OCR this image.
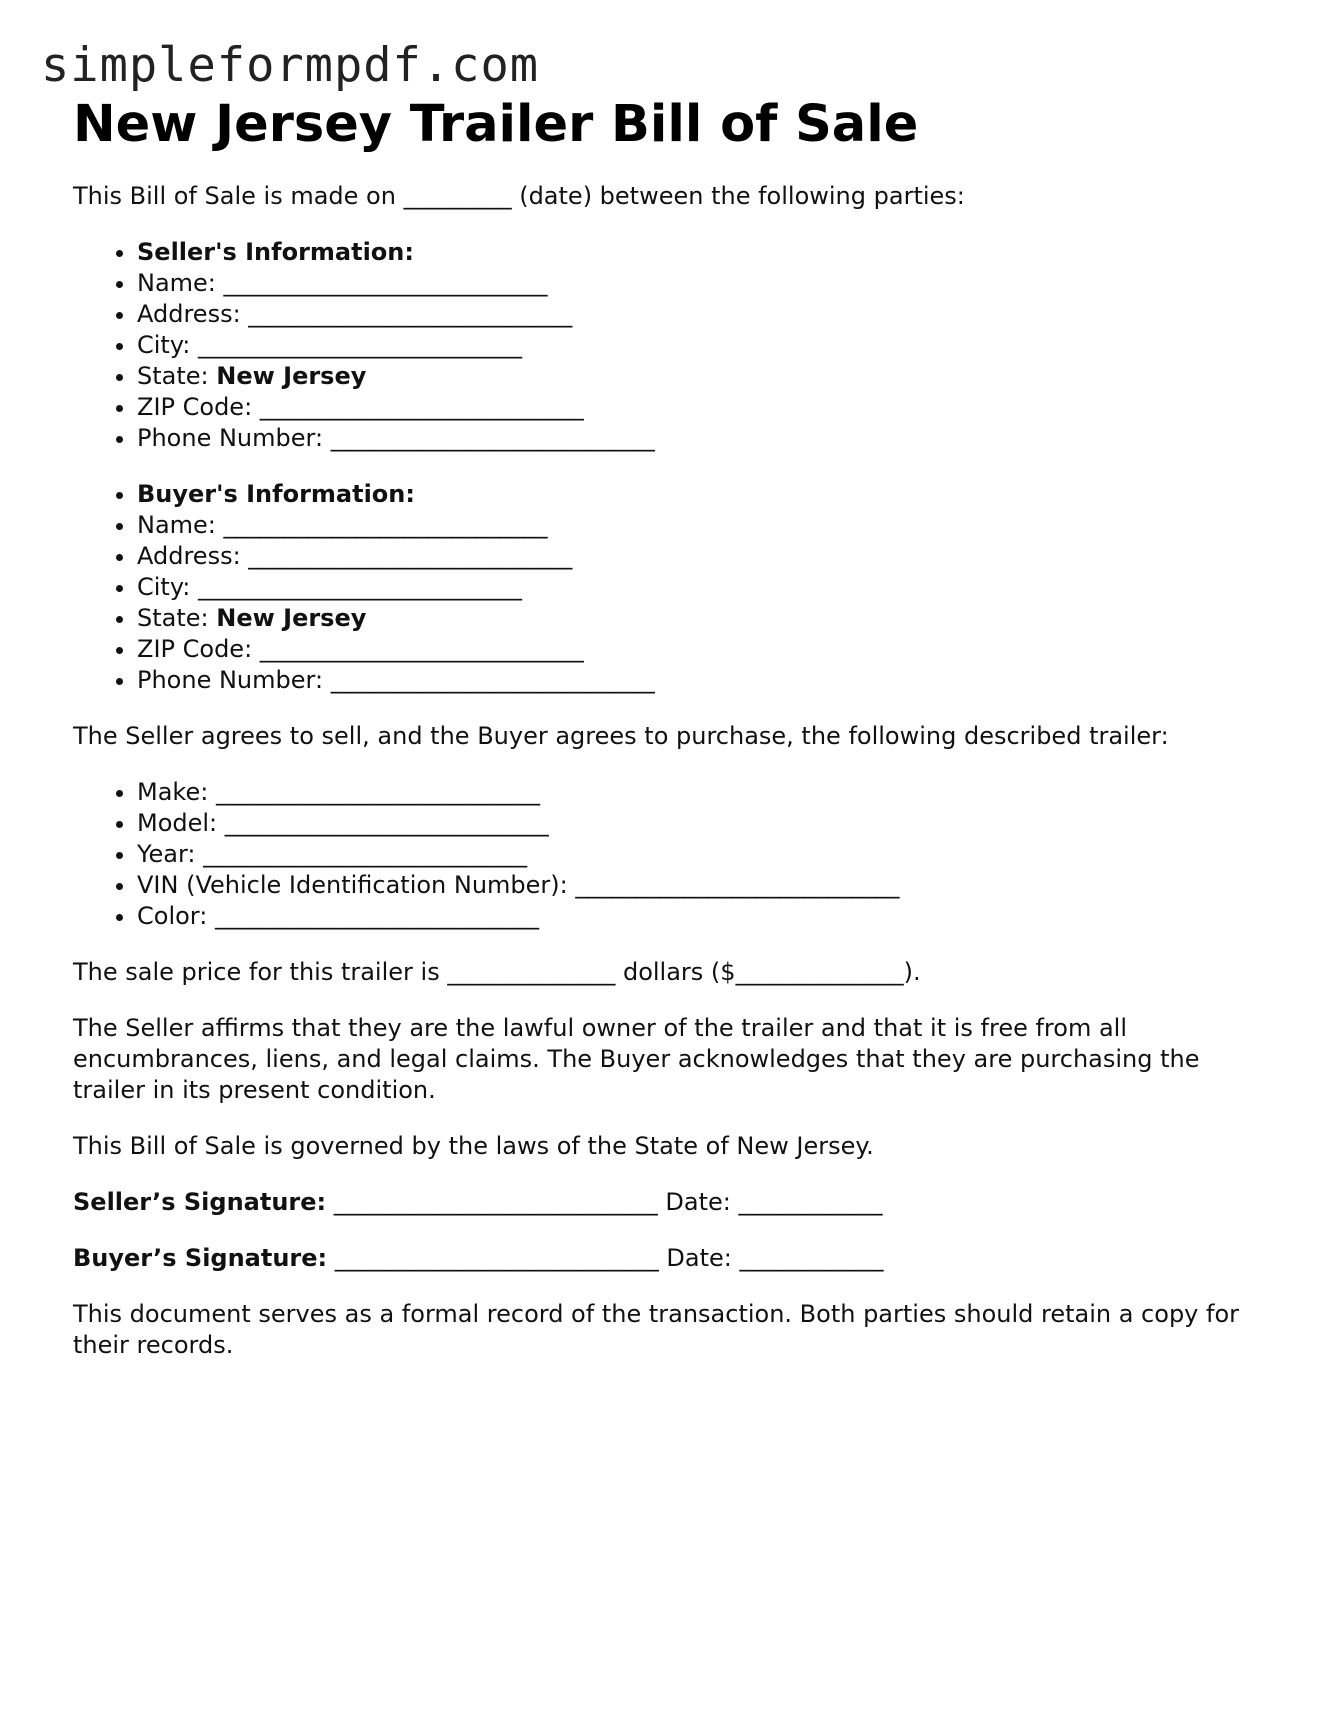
simpleformpdf.com
New Jersey Trailer Bill of Sale

This Bill of Sale is made on _________ (date) between the following parties:

• Seller's Information:
• Name: ___________________________
• Address: ___________________________
• City: ___________________________
• State: New Jersey
• ZIP Code: ___________________________
• Phone Number: ___________________________
• Buyer's Information:
• Name: ___________________________
• Address: ___________________________
• City: ___________________________
• State: New Jersey
• ZIP Code: ___________________________
• Phone Number: ___________________________

The Seller agrees to sell, and the Buyer agrees to purchase, the following described trailer:

• Make: ___________________________
• Model: ___________________________
• Year: ___________________________
• VIN (Vehicle Identification Number): ___________________________
• Color: ___________________________

The sale price for this trailer is ______________ dollars ($______________).

The Seller affirms that they are the lawful owner of the trailer and that it is free from all encumbrances, liens, and legal claims. The Buyer acknowledges that they are purchasing the trailer in its present condition.

This Bill of Sale is governed by the laws of the State of New Jersey.

Seller’s Signature: ___________________________ Date: ____________

Buyer’s Signature: ___________________________ Date: ____________

This document serves as a formal record of the transaction. Both parties should retain a copy for their records.
